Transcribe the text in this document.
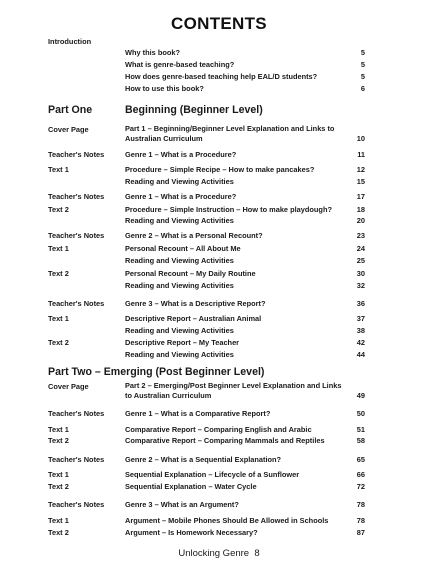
CONTENTS
Introduction
Why this book?	5
What is genre-based teaching?	5
How does genre-based teaching help EAL/D students?	5
How to use this book?	6
Part One	Beginning (Beginner Level)
Cover Page	Part 1 – Beginning/Beginner Level Explanation and Links to Australian Curriculum	10
Teacher's Notes	Genre 1 – What is a Procedure?	11
Text 1	Procedure – Simple Recipe – How to make pancakes?	12
Reading and Viewing Activities	15
Teacher's Notes	Genre 1 – What is a Procedure?	17
Text 2	Procedure – Simple Instruction – How to make playdough?	18
Reading and Viewing Activities	20
Teacher's Notes	Genre 2 – What is a Personal Recount?	23
Text 1	Personal Recount – All About Me	24
Reading and Viewing Activities	25
Text 2	Personal Recount – My Daily Routine	30
Reading and Viewing Activities	32
Teacher's Notes	Genre 3 – What is a Descriptive Report?	36
Text 1	Descriptive Report – Australian Animal	37
Reading and Viewing Activities	38
Text 2	Descriptive Report – My Teacher	42
Reading and Viewing Activities	44
Part Two – Emerging (Post Beginner Level)
Cover Page	Part 2 – Emerging/Post Beginner Level Explanation and Links to Australian Curriculum	49
Teacher's Notes	Genre 1 – What is a Comparative Report?	50
Text 1	Comparative Report – Comparing English and Arabic	51
Text 2	Comparative Report – Comparing Mammals and Reptiles	58
Teacher's Notes	Genre 2 – What is a Sequential Explanation?	65
Text 1	Sequential Explanation – Lifecycle of a Sunflower	66
Text 2	Sequential Explanation – Water Cycle	72
Teacher's Notes	Genre 3 – What is an Argument?	78
Text 1	Argument – Mobile Phones Should Be Allowed in Schools	78
Text 2	Argument – Is Homework Necessary?	87
Unlocking Genre 8
